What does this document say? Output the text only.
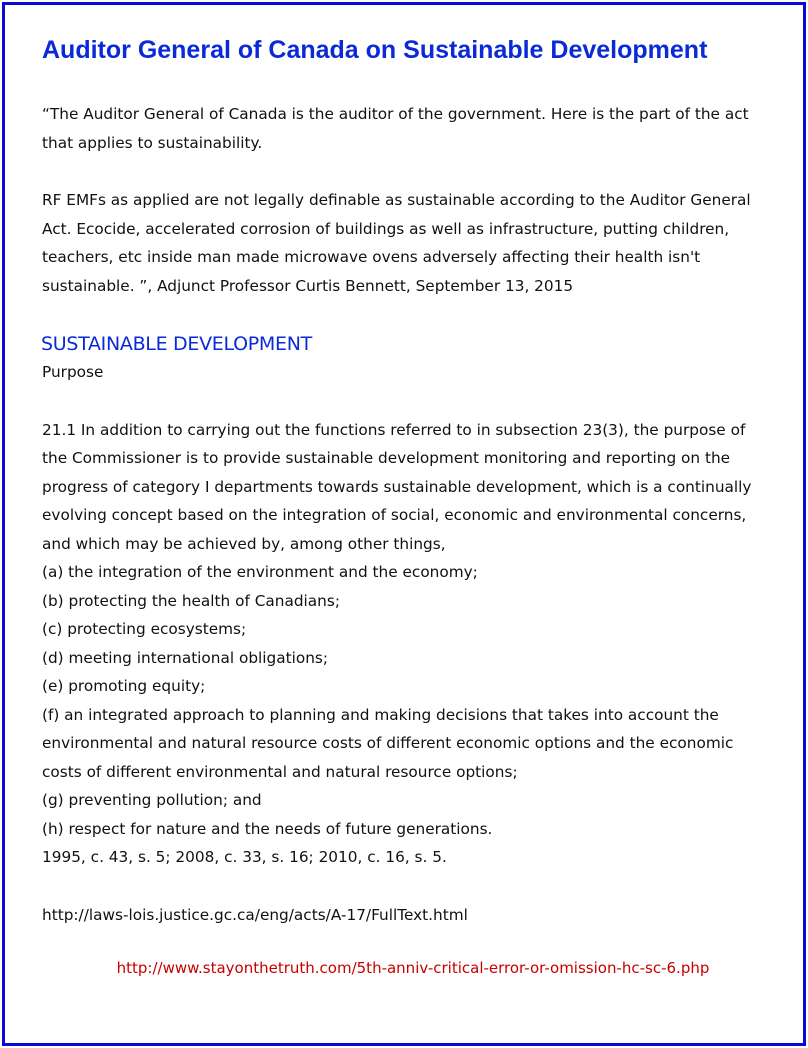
Auditor General of Canada on Sustainable Development

“The Auditor General of Canada is the auditor of the government. Here is the part of the act that applies to sustainability.

RF EMFs as applied are not legally definable as sustainable according to the Auditor General Act. Ecocide, accelerated corrosion of buildings as well as infrastructure, putting children, teachers, etc inside man made microwave ovens adversely affecting their health isn't sustainable. ”, Adjunct Professor Curtis Bennett, September 13, 2015

SUSTAINABLE DEVELOPMENT
Purpose
21.1 In addition to carrying out the functions referred to in subsection 23(3), the purpose of the Commissioner is to provide sustainable development monitoring and reporting on the progress of category I departments towards sustainable development, which is a continually evolving concept based on the integration of social, economic and environmental concerns, and which may be achieved by, among other things,
(a) the integration of the environment and the economy;
(b) protecting the health of Canadians;
(c) protecting ecosystems;
(d) meeting international obligations;
(e) promoting equity;
(f) an integrated approach to planning and making decisions that takes into account the environmental and natural resource costs of different economic options and the economic costs of different environmental and natural resource options;
(g) preventing pollution; and
(h) respect for nature and the needs of future generations.
1995, c. 43, s. 5; 2008, c. 33, s. 16; 2010, c. 16, s. 5.
http://laws-lois.justice.gc.ca/eng/acts/A-17/FullText.html
http://www.stayonthetruth.com/5th-anniv-critical-error-or-omission-hc-sc-6.php
